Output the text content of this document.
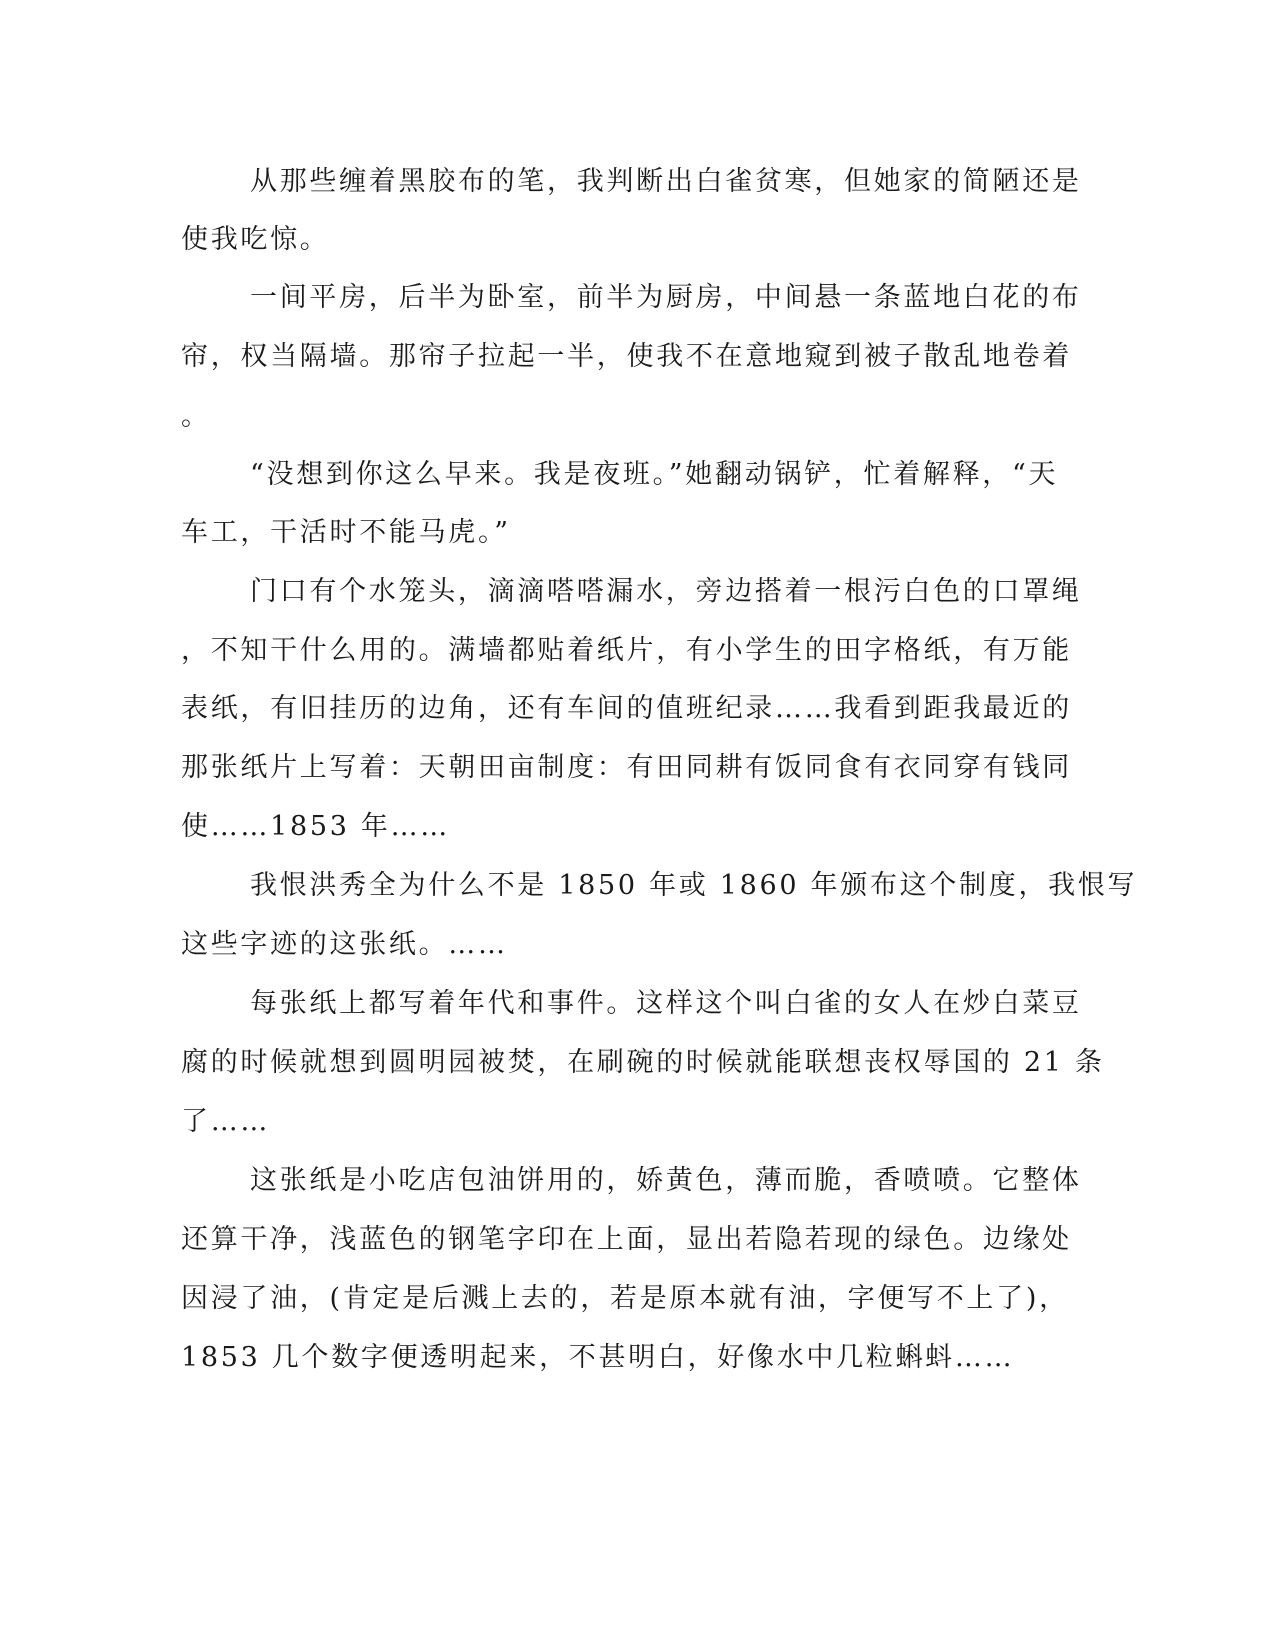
从那些缠着黑胶布的笔，我判断出白雀贫寒，但她家的简陋还是
使我吃惊。
一间平房，后半为卧室，前半为厨房，中间悬一条蓝地白花的布
帘，权当隔墙。那帘子拉起一半，使我不在意地窥到被子散乱地卷着
。
“没想到你这么早来。我是夜班。”她翻动锅铲，忙着解释，“天
车工，干活时不能马虎。”
门口有个水笼头，滴滴嗒嗒漏水，旁边搭着一根污白色的口罩绳
，不知干什么用的。满墙都贴着纸片，有小学生的田字格纸，有万能
表纸，有旧挂历的边角，还有车间的值班纪录……我看到距我最近的
那张纸片上写着：天朝田亩制度：有田同耕有饭同食有衣同穿有钱同
使……1853 年……
我恨洪秀全为什么不是 1850 年或 1860 年颁布这个制度，我恨写
这些字迹的这张纸。……
每张纸上都写着年代和事件。这样这个叫白雀的女人在炒白菜豆
腐的时候就想到圆明园被焚，在刷碗的时候就能联想丧权辱国的 21 条
了……
这张纸是小吃店包油饼用的，娇黄色，薄而脆，香喷喷。它整体
还算干净，浅蓝色的钢笔字印在上面，显出若隐若现的绿色。边缘处
因浸了油，(肯定是后溅上去的，若是原本就有油，字便写不上了)，
1853 几个数字便透明起来，不甚明白，好像水中几粒蝌蚪……
